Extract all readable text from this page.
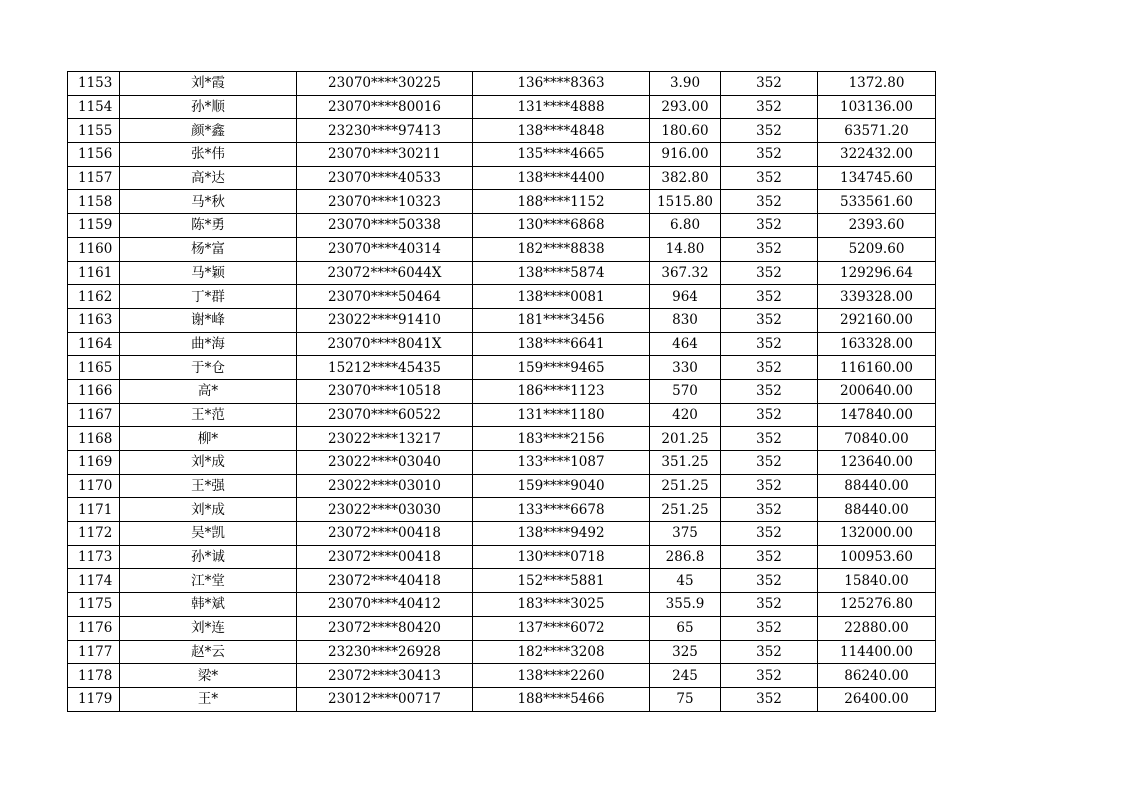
1153	刘*霞	23070****30225	136****8363	3.90	352	1372.80
1154	孙*顺	23070****80016	131****4888	293.00	352	103136.00
1155	颜*鑫	23230****97413	138****4848	180.60	352	63571.20
1156	张*伟	23070****30211	135****4665	916.00	352	322432.00
1157	高*达	23070****40533	138****4400	382.80	352	134745.60
1158	马*秋	23070****10323	188****1152	1515.80	352	533561.60
1159	陈*勇	23070****50338	130****6868	6.80	352	2393.60
1160	杨*富	23070****40314	182****8838	14.80	352	5209.60
1161	马*颖	23072****6044X	138****5874	367.32	352	129296.64
1162	丁*群	23070****50464	138****0081	964	352	339328.00
1163	谢*峰	23022****91410	181****3456	830	352	292160.00
1164	曲*海	23070****8041X	138****6641	464	352	163328.00
1165	于*仓	15212****45435	159****9465	330	352	116160.00
1166	高*	23070****10518	186****1123	570	352	200640.00
1167	王*范	23070****60522	131****1180	420	352	147840.00
1168	柳*	23022****13217	183****2156	201.25	352	70840.00
1169	刘*成	23022****03040	133****1087	351.25	352	123640.00
1170	王*强	23022****03010	159****9040	251.25	352	88440.00
1171	刘*成	23022****03030	133****6678	251.25	352	88440.00
1172	吴*凯	23072****00418	138****9492	375	352	132000.00
1173	孙*诚	23072****00418	130****0718	286.8	352	100953.60
1174	江*堂	23072****40418	152****5881	45	352	15840.00
1175	韩*斌	23070****40412	183****3025	355.9	352	125276.80
1176	刘*连	23072****80420	137****6072	65	352	22880.00
1177	赵*云	23230****26928	182****3208	325	352	114400.00
1178	梁*	23072****30413	138****2260	245	352	86240.00
1179	王*	23012****00717	188****5466	75	352	26400.00
